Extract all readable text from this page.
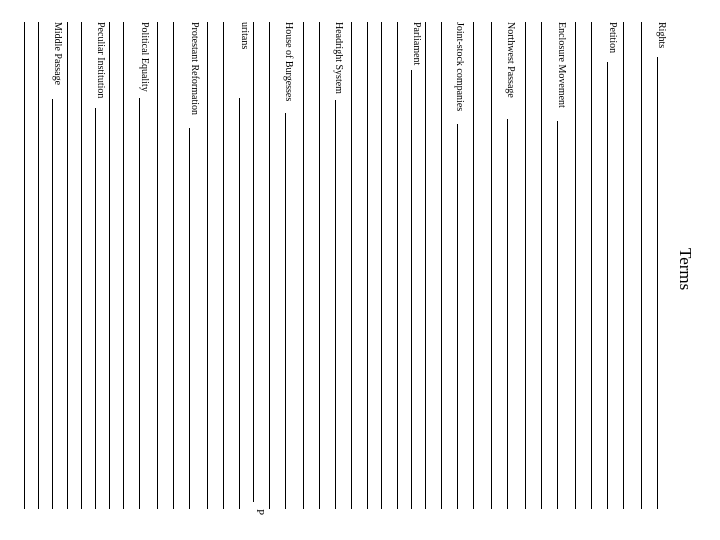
Terms
Rights
Petition
Enclosure Movement
Northwest Passage
Joint-stock companies
Parliament
Headright System
House of Burgesses
uritans
Protestant Reformation
Political Equality
Peculiar Institution
Middle Passage
P
